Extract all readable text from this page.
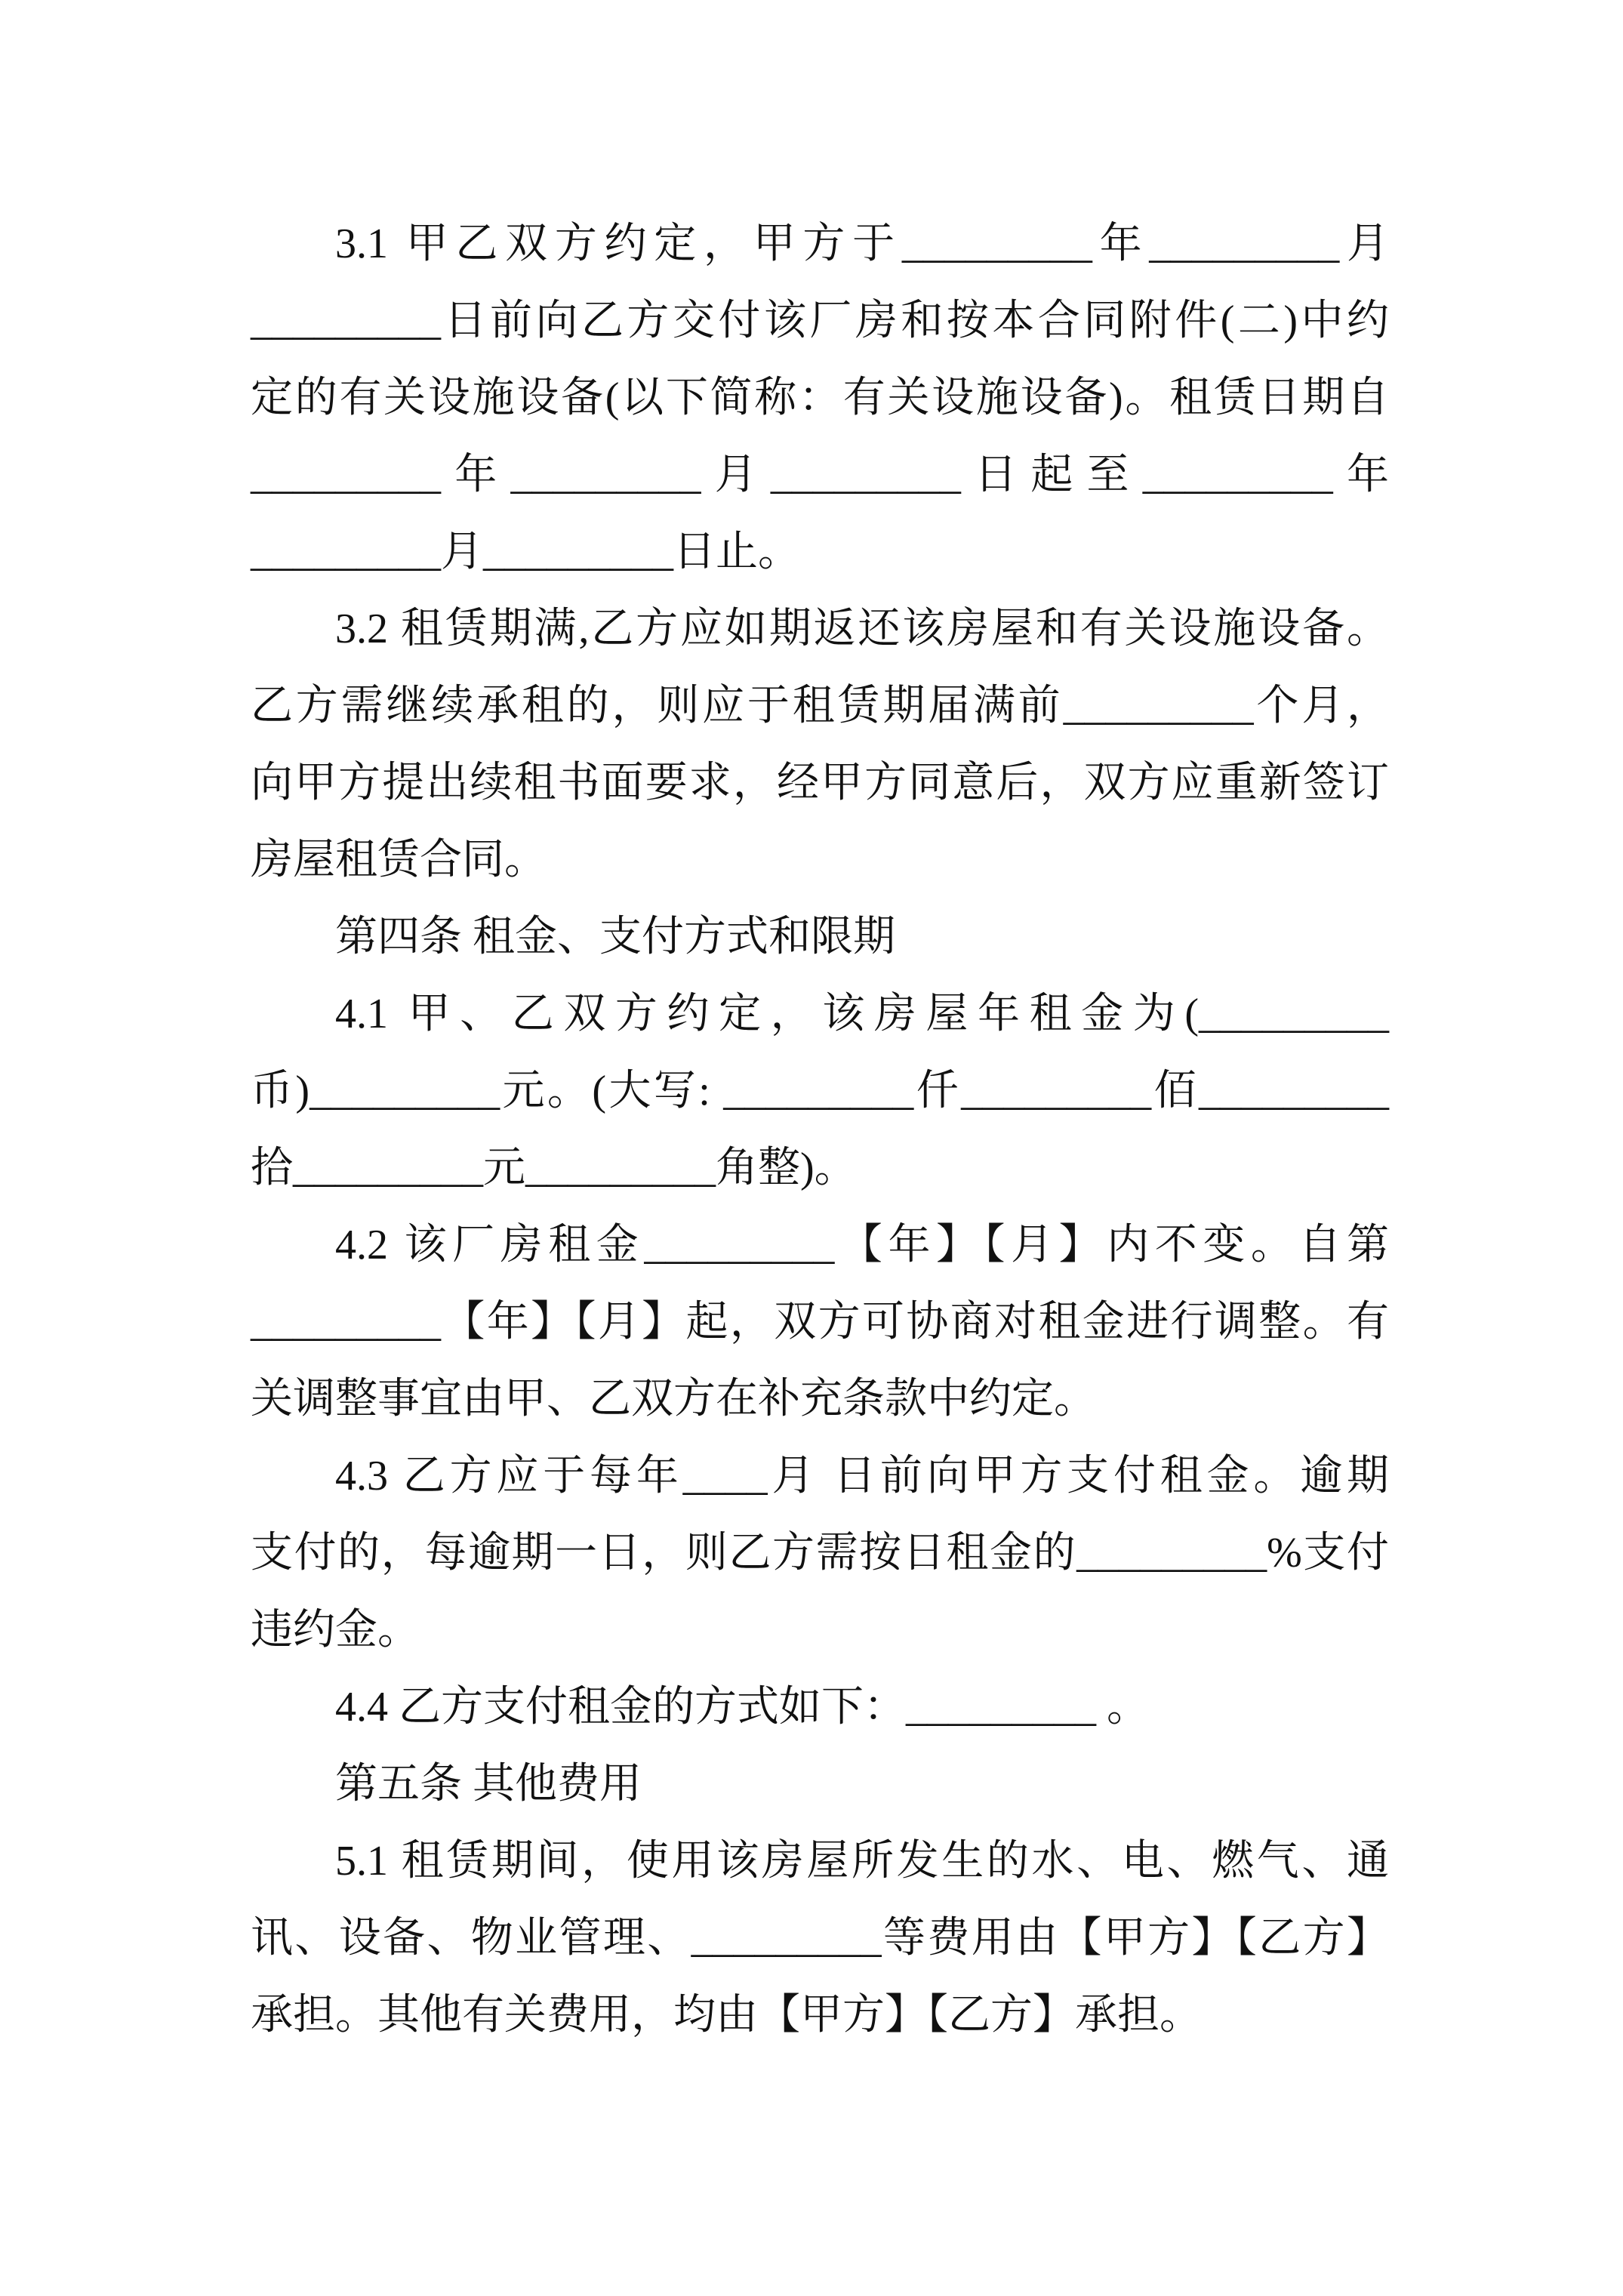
3.1 甲乙双方约定，甲方于_________年_________月
_________日前向乙方交付该厂房和按本合同附件(二)中约
定的有关设施设备(以下简称：有关设施设备)。租赁日期自
_________年_________月_________日起至_________年
_________月_________日止。
3.2 租赁期满,乙方应如期返还该房屋和有关设施设备。
乙方需继续承租的，则应于租赁期届满前_________个月，
向甲方提出续租书面要求，经甲方同意后，双方应重新签订
房屋租赁合同。
第四条 租金、支付方式和限期
4.1 甲、乙双方约定，该房屋年租金为(_________
币)_________元。(大写: _________仟_________佰_________
拾_________元_________角整)。
4.2 该厂房租金_________【年】【月】内不变。自第
_________【年】【月】起，双方可协商对租金进行调整。有
关调整事宜由甲、乙双方在补充条款中约定。
4.3 乙方应于每年____月 日前向甲方支付租金。逾期
支付的，每逾期一日，则乙方需按日租金的_________%支付
违约金。
4.4 乙方支付租金的方式如下：_________ 。
第五条 其他费用
5.1 租赁期间，使用该房屋所发生的水、电、燃气、通
讯、设备、物业管理、_________等费用由【甲方】【乙方】
承担。其他有关费用，均由【甲方】【乙方】承担。
